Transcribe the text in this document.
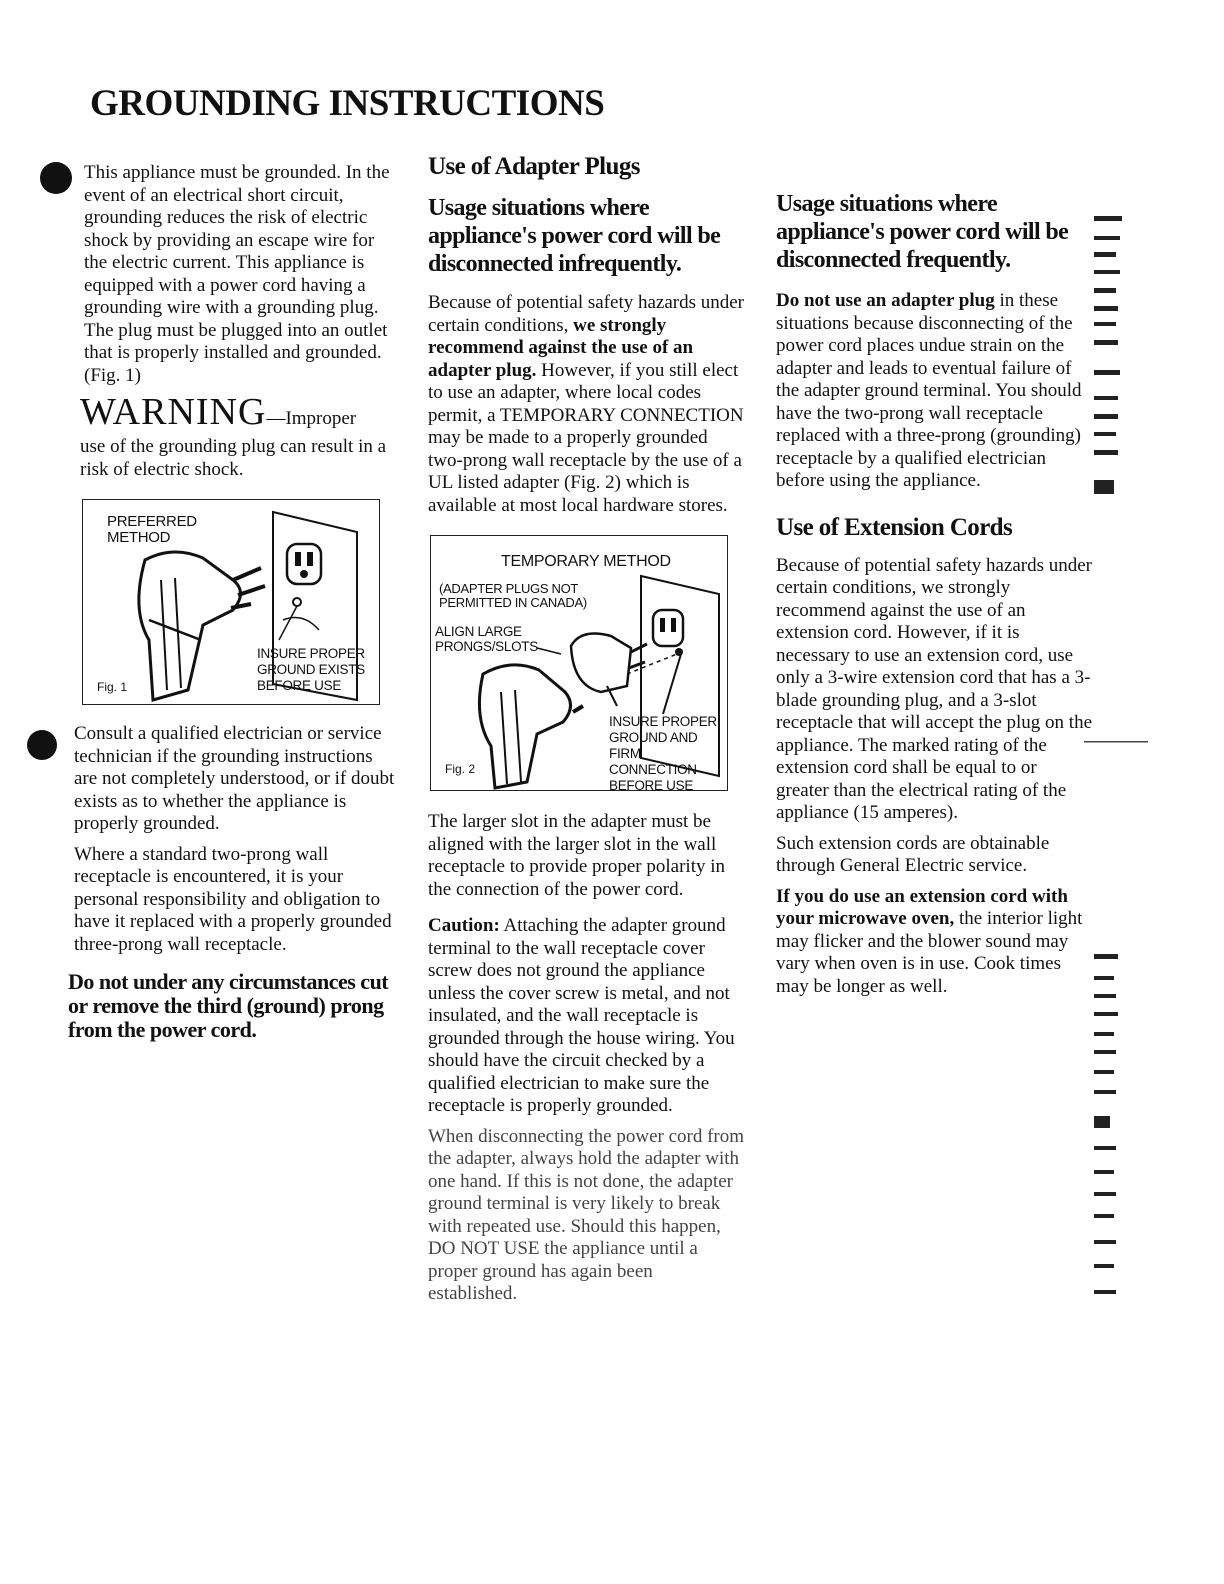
GROUNDING INSTRUCTIONS

This appliance must be grounded. In the event of an electrical short circuit, grounding reduces the risk of electric shock by providing an escape wire for the electric current. This appliance is equipped with a power cord having a grounding wire with a grounding plug. The plug must be plugged into an outlet that is properly installed and grounded. (Fig. 1)

WARNING—Improper

use of the grounding plug can result in a risk of electric shock.

PREFERRED METHOD
INSURE PROPER GROUND EXISTS BEFORE USE
Fig. 1

Consult a qualified electrician or service technician if the grounding instructions are not completely understood, or if doubt exists as to whether the appliance is properly grounded.

Where a standard two-prong wall receptacle is encountered, it is your personal responsibility and obligation to have it replaced with a properly grounded three-prong wall receptacle.

Do not under any circumstances cut or remove the third (ground) prong from the power cord.

Use of Adapter Plugs
Usage situations where appliance's power cord will be disconnected infrequently.

Because of potential safety hazards under certain conditions, we strongly recommend against the use of an adapter plug. However, if you still elect to use an adapter, where local codes permit, a TEMPORARY CONNECTION may be made to a properly grounded two-prong wall receptacle by the use of a UL listed adapter (Fig. 2) which is available at most local hardware stores.

TEMPORARY METHOD
(ADAPTER PLUGS NOT PERMITTED IN CANADA)
ALIGN LARGE PRONGS/SLOTS
INSURE PROPER GROUND AND FIRM CONNECTION BEFORE USE
Fig. 2

The larger slot in the adapter must be aligned with the larger slot in the wall receptacle to provide proper polarity in the connection of the power cord.

Caution: Attaching the adapter ground terminal to the wall receptacle cover screw does not ground the appliance unless the cover screw is metal, and not insulated, and the wall receptacle is grounded through the house wiring. You should have the circuit checked by a qualified electrician to make sure the receptacle is properly grounded.

When disconnecting the power cord from the adapter, always hold the adapter with one hand. If this is not done, the adapter ground terminal is very likely to break with repeated use. Should this happen, DO NOT USE the appliance until a proper ground has again been established.

Usage situations where appliance's power cord will be disconnected frequently.

Do not use an adapter plug in these situations because disconnecting of the power cord places undue strain on the adapter and leads to eventual failure of the adapter ground terminal. You should have the two-prong wall receptacle replaced with a three-prong (grounding) receptacle by a qualified electrician before using the appliance.

Use of Extension Cords

Because of potential safety hazards under certain conditions, we strongly recommend against the use of an extension cord. However, if it is necessary to use an extension cord, use only a 3-wire extension cord that has a 3-blade grounding plug, and a 3-slot receptacle that will accept the plug on the appliance. The marked rating of the extension cord shall be equal to or greater than the electrical rating of the appliance (15 amperes).

Such extension cords are obtainable through General Electric service.

If you do use an extension cord with your microwave oven, the interior light may flicker and the blower sound may vary when oven is in use. Cook times may be longer as well.
